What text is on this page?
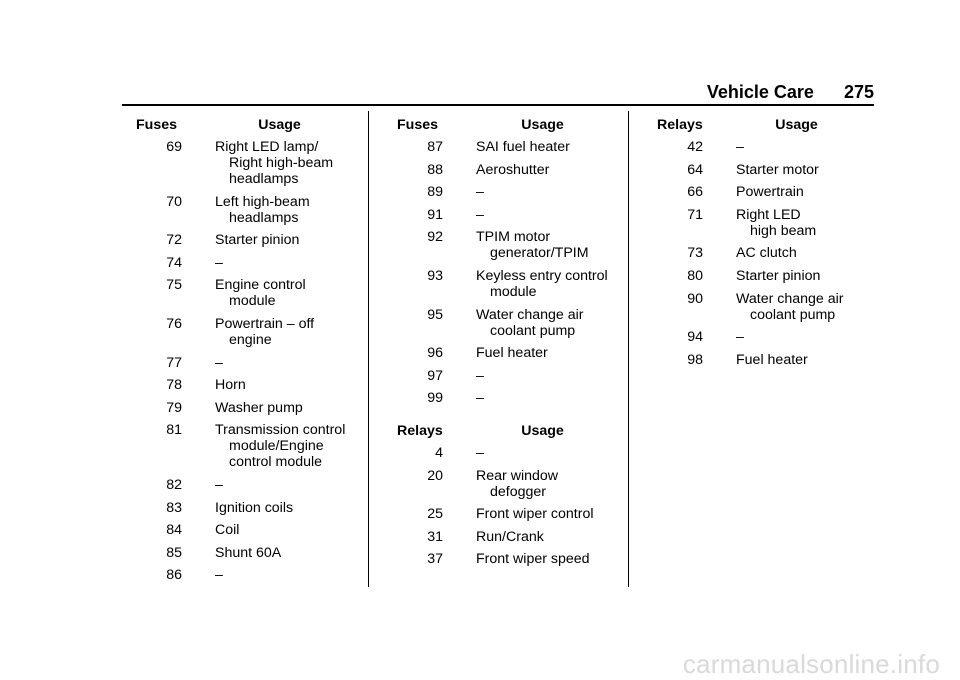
Vehicle Care 275
Fuses	Usage
69	Right LED lamp/
Right high-beam
headlamps
70	Left high-beam
headlamps
72	Starter pinion
74	–
75	Engine control
module
76	Powertrain – off
engine
77	–
78	Horn
79	Washer pump
81	Transmission control
module/Engine
control module
82	–
83	Ignition coils
84	Coil
85	Shunt 60A
86	–
Fuses	Usage
87	SAI fuel heater
88	Aeroshutter
89	–
91	–
92	TPIM motor
generator/TPIM
93	Keyless entry control
module
95	Water change air
coolant pump
96	Fuel heater
97	–
99	–
Relays	Usage
4	–
20	Rear window
defogger
25	Front wiper control
31	Run/Crank
37	Front wiper speed
Relays	Usage
42	–
64	Starter motor
66	Powertrain
71	Right LED
high beam
73	AC clutch
80	Starter pinion
90	Water change air
coolant pump
94	–
98	Fuel heater
carmanualsonline.info
